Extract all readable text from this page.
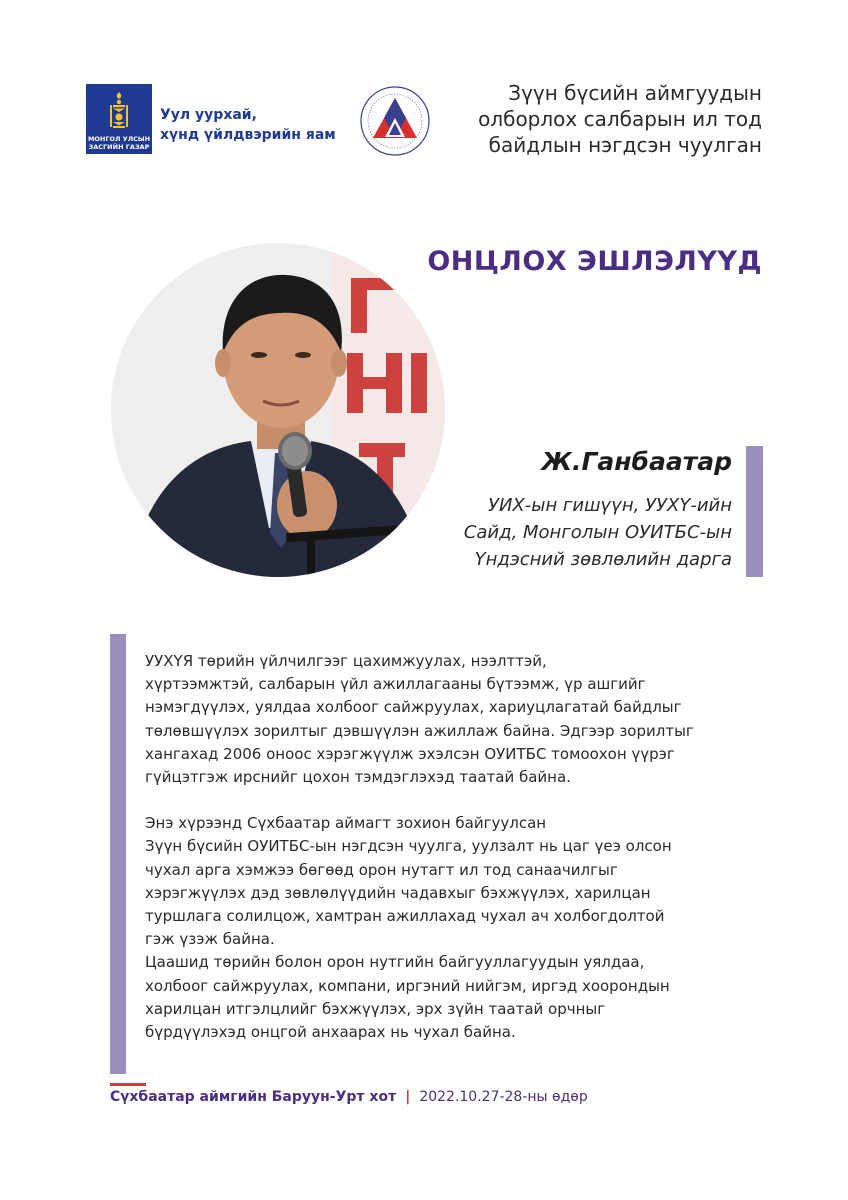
МОНГОЛ УЛСЫН
ЗАСГИЙН ГАЗАР
Уул уурхай,
хүнд үйлдвэрийн яам
Зүүн бүсийн аймгуудын
олборлох салбарын ил тод
байдлын нэгдсэн чуулган
ОНЦЛОХ ЭШЛЭЛҮҮД
Ж.Ганбаатар
УИХ-ын гишүүн, УУХҮ-ийн
Сайд, Монголын ОУИТБС-ын
Үндэсний зөвлөлийн дарга

УУХҮЯ төрийн үйлчилгээг цахимжуулах, нээлттэй,
хүртээмжтэй, салбарын үйл ажиллагааны бүтээмж, үр ашгийг
нэмэгдүүлэх, уялдаа холбоог сайжруулах, хариуцлагатай байдлыг
төлөвшүүлэх зорилтыг дэвшүүлэн ажиллаж байна. Эдгээр зорилтыг
хангахад 2006 оноос хэрэгжүүлж эхэлсэн ОУИТБС томоохон үүрэг
гүйцэтгэж ирснийг цохон тэмдэглэхэд таатай байна.

Энэ хүрээнд Сүхбаатар аймагт зохион байгуулсан
Зүүн бүсийн ОУИТБС-ын нэгдсэн чуулга, уулзалт нь цаг үеэ олсон
чухал арга хэмжээ бөгөөд орон нутагт ил тод санаачилгыг
хэрэгжүүлэх дэд зөвлөлүүдийн чадавхыг бэхжүүлэх, харилцан
туршлага солилцож, хамтран ажиллахад чухал ач холбогдолтой
гэж үзэж байна.
Цаашид төрийн болон орон нутгийн байгууллагуудын уялдаа,
холбоог сайжруулах, компани, иргэний нийгэм, иргэд хоорондын
харилцан итгэлцлийг бэхжүүлэх, эрх зүйн таатай орчныг
бүрдүүлэхэд онцгой анхаарах нь чухал байна.

Сүхбаатар аймгийн Баруун-Урт хот | 2022.10.27-28-ны өдөр
